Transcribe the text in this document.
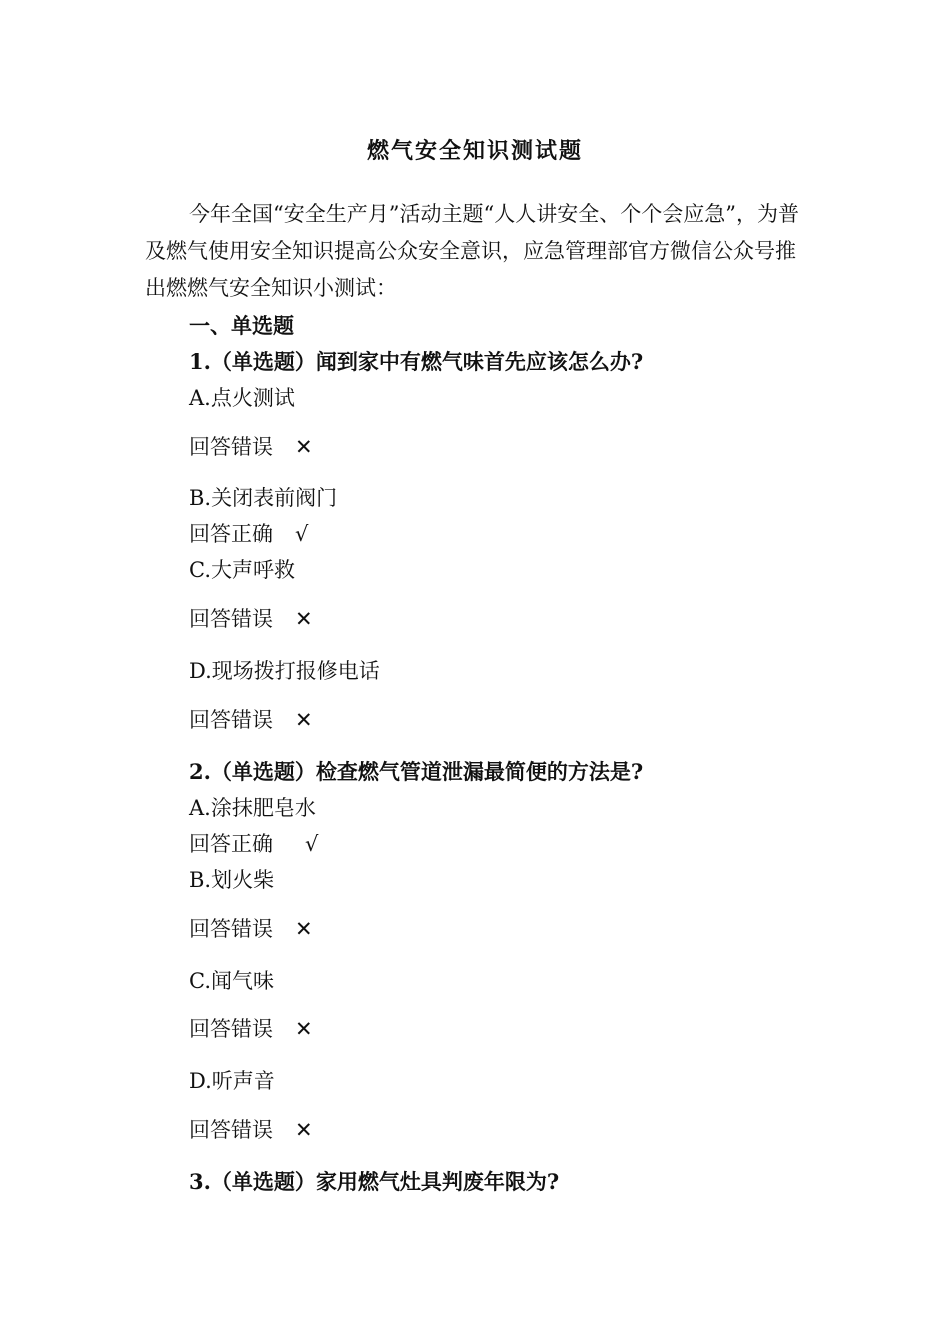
燃气安全知识测试题

今年全国“安全生产月”活动主题“人人讲安全、个个会应急”，为普及燃气使用安全知识提高公众安全意识，应急管理部官方微信公众号推出燃燃气安全知识小测试：

一、单选题
1.（单选题）闻到家中有燃气味首先应该怎么办?
A.点火测试
回答错误 ✕
B.关闭表前阀门
回答正确 √
C.大声呼救
回答错误 ✕
D.现场拨打报修电话
回答错误 ✕
2.（单选题）检查燃气管道泄漏最简便的方法是?
A.涂抹肥皂水
回答正确 √
B.划火柴
回答错误 ✕
C.闻气味
回答错误 ✕
D.听声音
回答错误 ✕
3.（单选题）家用燃气灶具判废年限为?
